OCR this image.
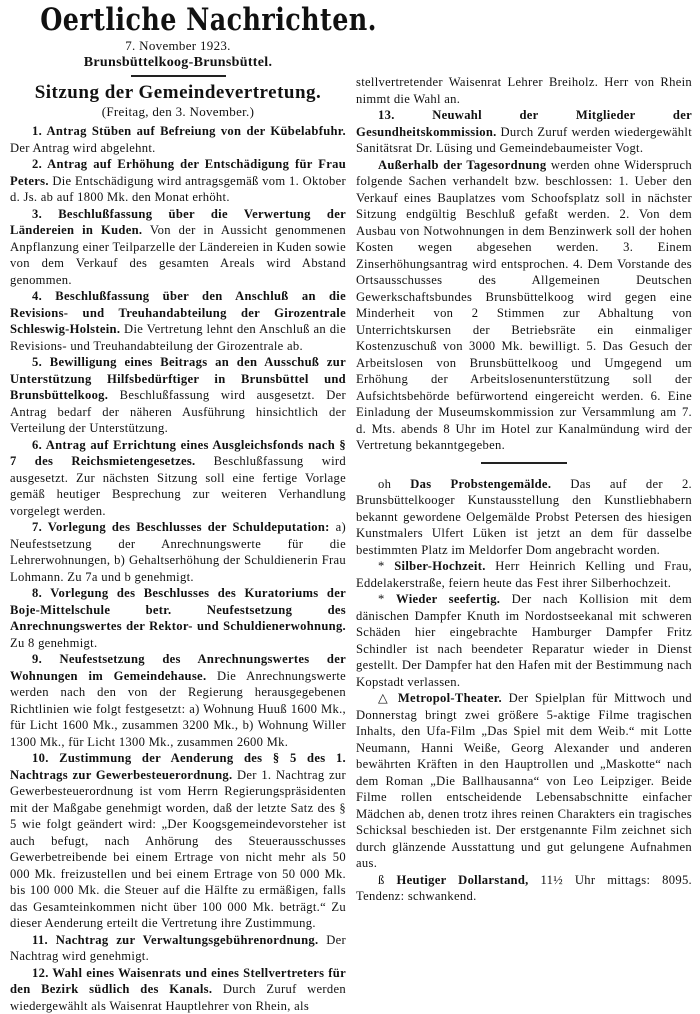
Oertliche Nachrichten.
7. November 1923.
Brunsbüttelkoog-Brunsbüttel.
Sitzung der Gemeindevertretung.
(Freitag, den 3. November.)

1. Antrag Stüben auf Befreiung von der Kübelabfuhr. Der Antrag wird abgelehnt.

2. Antrag auf Erhöhung der Entschädigung für Frau Peters. Die Entschädigung wird antragsgemäß vom 1. Oktober d. Js. ab auf 1800 Mk. den Monat erhöht.

3. Beschlußfassung über die Verwertung der Ländereien in Kuden. Von der in Aussicht genommenen Anpflanzung einer Teilparzelle der Ländereien in Kuden sowie von dem Verkauf des gesamten Areals wird Abstand genommen.

4. Beschlußfassung über den Anschluß an die Revisions- und Treuhandabteilung der Girozentrale Schleswig-Holstein. Die Vertretung lehnt den Anschluß an die Revisions- und Treuhandabteilung der Girozentrale ab.

5. Bewilligung eines Beitrags an den Ausschuß zur Unterstützung Hilfsbedürftiger in Brunsbüttel und Brunsbüttelkoog. Beschlußfassung wird ausgesetzt. Der Antrag bedarf der näheren Ausführung hinsichtlich der Verteilung der Unterstützung.

6. Antrag auf Errichtung eines Ausgleichsfonds nach § 7 des Reichsmietengesetzes. Beschlußfassung wird ausgesetzt. Zur nächsten Sitzung soll eine fertige Vorlage gemäß heutiger Besprechung zur weiteren Verhandlung vorgelegt werden.

7. Vorlegung des Beschlusses der Schuldeputation: a) Neufestsetzung der Anrechnungswerte für die Lehrerwohnungen, b) Gehaltserhöhung der Schuldienerin Frau Lohmann. Zu 7a und b genehmigt.

8. Vorlegung des Beschlusses des Kuratoriums der Boje-Mittelschule betr. Neufestsetzung des Anrechnungswertes der Rektor- und Schuldienerwohnung. Zu 8 genehmigt.

9. Neufestsetzung des Anrechnungswertes der Wohnungen im Gemeindehause. Die Anrechnungswerte werden nach den von der Regierung herausgegebenen Richtlinien wie folgt festgesetzt: a) Wohnung Huuß 1600 Mk., für Licht 1600 Mk., zusammen 3200 Mk., b) Wohnung Willer 1300 Mk., für Licht 1300 Mk., zusammen 2600 Mk.

10. Zustimmung der Aenderung des § 5 des 1. Nachtrags zur Gewerbesteuerordnung. Der 1. Nachtrag zur Gewerbesteuerordnung ist vom Herrn Regierungspräsidenten mit der Maßgabe genehmigt worden, daß der letzte Satz des § 5 wie folgt geändert wird: „Der Koogsgemeindevorsteher ist auch befugt, nach Anhörung des Steuerausschusses Gewerbetreibende bei einem Ertrage von nicht mehr als 50 000 Mk. freizustellen und bei einem Ertrage von 50 000 Mk. bis 100 000 Mk. die Steuer auf die Hälfte zu ermäßigen, falls das Gesamteinkommen nicht über 100 000 Mk. beträgt.“ Zu dieser Aenderung erteilt die Vertretung ihre Zustimmung.

11. Nachtrag zur Verwaltungsgebührenordnung. Der Nachtrag wird genehmigt.

12. Wahl eines Waisenrats und eines Stellvertreters für den Bezirk südlich des Kanals. Durch Zuruf werden wiedergewählt als Waisenrat Hauptlehrer von Rhein, als

stellvertretender Waisenrat Lehrer Breiholz. Herr von Rhein nimmt die Wahl an.

13. Neuwahl der Mitglieder der Gesundheitskommission. Durch Zuruf werden wiedergewählt Sanitätsrat Dr. Lüsing und Gemeindebaumeister Vogt.

Außerhalb der Tagesordnung werden ohne Widerspruch folgende Sachen verhandelt bzw. beschlossen: 1. Ueber den Verkauf eines Bauplatzes vom Schoofsplatz soll in nächster Sitzung endgültig Beschluß gefaßt werden. 2. Von dem Ausbau von Notwohnungen in dem Benzinwerk soll der hohen Kosten wegen abgesehen werden. 3. Einem Zinserhöhungsantrag wird entsprochen. 4. Dem Vorstande des Ortsausschusses des Allgemeinen Deutschen Gewerkschaftsbundes Brunsbüttelkoog wird gegen eine Minderheit von 2 Stimmen zur Abhaltung von Unterrichtskursen der Betriebsräte ein einmaliger Kostenzuschuß von 3000 Mk. bewilligt. 5. Das Gesuch der Arbeitslosen von Brunsbüttelkoog und Umgegend um Erhöhung der Arbeitslosenunterstützung soll der Aufsichtsbehörde befürwortend eingereicht werden. 6. Eine Einladung der Museumskommission zur Versammlung am 7. d. Mts. abends 8 Uhr im Hotel zur Kanalmündung wird der Vertretung bekanntgegeben.

oh Das Probstengemälde. Das auf der 2. Brunsbüttelkooger Kunstausstellung den Kunstliebhabern bekannt gewordene Oelgemälde Probst Petersen des hiesigen Kunstmalers Ulfert Lüken ist jetzt an dem für dasselbe bestimmten Platz im Meldorfer Dom angebracht worden.

* Silber-Hochzeit. Herr Heinrich Kelling und Frau, Eddelakerstraße, feiern heute das Fest ihrer Silberhochzeit.

* Wieder seefertig. Der nach Kollision mit dem dänischen Dampfer Knuth im Nordostseekanal mit schweren Schäden hier eingebrachte Hamburger Dampfer Fritz Schindler ist nach beendeter Reparatur wieder in Dienst gestellt. Der Dampfer hat den Hafen mit der Bestimmung nach Kopstadt verlassen.

△ Metropol-Theater. Der Spielplan für Mittwoch und Donnerstag bringt zwei größere 5-aktige Filme tragischen Inhalts, den Ufa-Film „Das Spiel mit dem Weib.“ mit Lotte Neumann, Hanni Weiße, Georg Alexander und anderen bewährten Kräften in den Hauptrollen und „Maskotte“ nach dem Roman „Die Ballhausanna“ von Leo Leipziger. Beide Filme rollen entscheidende Lebensabschnitte einfacher Mädchen ab, denen trotz ihres reinen Charakters ein tragisches Schicksal beschieden ist. Der erstgenannte Film zeichnet sich durch glänzende Ausstattung und gut gelungene Aufnahmen aus.

ß Heutiger Dollarstand, 11½ Uhr mittags: 8095. Tendenz: schwankend.
